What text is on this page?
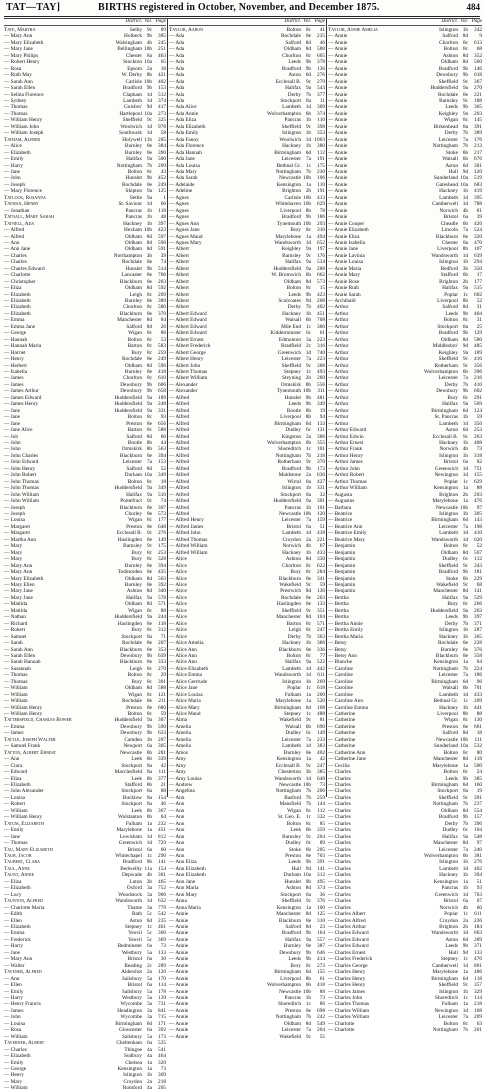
TAT—TAY]	BIRTHS registered in October, November, and December 1875.	484
District. Vol. Page
Tate, Martha	Selby 9c	89
— Mary Ann	Holbeck 9b	385
— Mary Elizabeth	Walsingham 4b	245
— Mary Jane	Bellingham 10b	251
— Mary Philips	Chester 8a	463
— Robert Henry	Stockton 10a	65
— Rosa	Epsom 2a	18
— Ruth May	W. Derby 8b	421
— Sarah Ann	Carlisle 10b	402
— Sarah Ellen	Bradford 9b	153
— Selina Florence	Clapham 1d	512
— Sydney	Lambeth 1d	374
— Thomas	Guisbro' 9d	417
— Thomas	Hartlepool 10a	273
— William Henry	Sheffield 9c	325
— William John	Woolwich 1d	978
— William Joseph	Southwark 1d	58
Tatham, Alfred	Holywell 11b	205
— Alice	Burnley 8e	384
— Elizabeth	Burnley 8e	390
— Emily	Halifax 9a	500
— Harry	Nottingham 7b	209
— Jane	Bolton 8c	43
— John	Hunslet 9b	452
— Joseph	Rochdale 8e	249
— Mary Florence	Skipton 9a	125
Tatlock, Rosanna	Settle 9a	1
Tatman, Henry	St. Saviour 1d	66
— Jonathan	Pancras 1b	118
Tatnall, Mary Sarah	Pancras 1b	48
Tatnell, Ada	Hackney 1b	397
— Alfred	Hexham 10b	423
— Alfred	Oldham 8d	597
— Ann	Oldham 8d	596
— Ann Jane	Oldham 8d	591
— Charles	Northampton 3b	39
— Charles	Rochdale 8e	74
— Charles Edward	Hunslet 9b	514
— Charlotte	Lancaster 8e	766
— Christopher	Blackburn 8e	263
— Eliza	Oldham 8d	592
— Elizabeth	Leigh 8c	269
— Elizabeth	Burnley 8e	389
— Elizabeth	Chorlton 8c	580
— Elizabeth	Blackburn 8e	370
— Emma	Manchester 8d	84
— Emma Jane	Salford 8d	26
— George	Wigan 8c	86
— Hannah	Bolton 8c	53
— Hannah Maria	Barton 8c	583
— Harriet	Bury 8c	259
— Henry	Rochdale 8e	249
— Herbert	Oldham 8d	596
— Isabella	Burnley 8e	418
— James	Chorlton 8c	610
— James	Dewsbury 9b	606
— James Arthur	Dewsbury 9b	658
— James Edward	Huddersfield 9a	189
— James Henry	Huddersfield 9a	248
— Jane	Huddersfield 9a	331
— Jane	Bolton 8c	93
— Jane	Preston 8e	656
— Jane Alice	Barton 8c	588
— Job	Salford 8d	60
— John	Bootle 8b	44
— John	Ormskirk 8b	563
— John Charles	Blackburn 8e	394
— John Edward	Leicester 7a	153
— John Henry	Salford 8d	52
— John Robert	Durham 10a	349
— John Thomas	Bolton 8c	18
— John Thomas	Huddersfield 9a	349
— John William	Halifax 9a	510
— John William	Pontefract 9c	74
— Joseph	Blackburn 8e	307
— Joseph	Chorley 8e	573
— Louisa	Wigan 8c	177
— Margaret	Preston 8e	648
— Margaret	Ecclesall B. 9c	276
— Martha Ann	Haslingden 8e	149
— Mary	Barnsley 9c	175
— Mary	Bury 8c	253
— Mary	Bury 8c	328
— Mary Ann	Burnley 8e	394
— Mary Ann	Todmorden 8e	435
— Mary Elizabeth	Oldham 8d	563
— Mary Ellen	Burnley 8e	392
— Mary Jane	Ashton 8d	340
— Mary Jane	Halifax 9a	578
— Matilda	Oldham 8d	571
— Matilda	Wigan 8c	88
— Nathan	Huddersfield 9a	244
— Richard	Haslingden 8e	118
— Robert	Bury 8c	312
— Samuel	Stockport 8a	71
— Sarah	Rochdale 8e	207
— Sarah Ann	Blackburn 8e	353
— Sarah Ellen	Dewsbury 9b	639
— Sarah Hannah	Blackburn 8e	333
— Susannah	Leigh 8c	270
— Thomas	Bolton 8c	29
— Thomas	Bury 8c	301
— William	Oldham 8d	588
— William	Wigan 8c	121
— William	Rochdale 8e	211
— William Henry	Preston 8e	680
— William Henry	Bolton 8c	59
Tattersfield, Charles Bower	Huddersfield 9a	307
— Emma	Dewsbury 9b	590
— James	Dewsbury 9b	633
Tattle, Joseph Walter	Camden 1b	207
— Samuel Frank	Newport 6a	305
Tatton, Albert Ernest	Newcastle 6b	281
— Ann	Leek 6b	339
— Clara	Stockport 8a	42
— Edward	Macclesfield 8a	111
— Eliza	Leek 6b	377
— Elizabeth	Stafford 6b	21
— John Alexander	Stockport 8a	88
— Louisa	Bucklow 8a	154
— Robert	Stockport 8a	46
— William	Leek 6b	367
— William Henry	Wolstanton 6b	64
Tatum, Elizabeth	Fulham 1a	232
— Emily	Marylebone 1a	451
— Jane	Lewisham 1d	812
— Thomas	Greenwich 1d	729
Tau, Mary Elizabeth	Bristol 6a	60
Taub, Jacob	Whitechapel 1c	290
Taubert, Clara	Bradford 9b	141
Taul, Anne	Bedwellty 11a	154
Taunt, Annie	Depwade 4b	301
— Eliza	Luton 3b	465
— Elizabeth	Oxford 3a	752
— Lucy	Woodstock 3a	906
Taunton, Alfred	Wandsworth 1d	632
— Charlotte Maria	Thame 3a	779
— Edith	Bath 5c	542
— Ellen	Aston 6d	235
— Elizabeth	Stepney 1c	461
— Emma	Yeovil 5c	360
— Frederick	Yeovil 5c	369
— Harry	Bedminster 6a	73
— Jane	Westbury 5a	133
— Mary Ann	Bristol 6a	30
— Walter	Reading 2c	289
Tavener, Alfred	Aldershot 2a	120
— Ann	Salisbury 5a	170
— Ellen	Bristol 6a	114
— Emily	Salisbury 5a	178
— Harry	Westbury 5a	139
— Henry Francis	Wycombe 3a	731
— James	Headington 3a	841
— John	Wycombe 3a	715
— Louisa	Birmingham 6d	171
— Rosa	Gloucester 6a	392
— William	Salisbury 5a	173
Taverner, Albert	Cheltenham 6a	535
— Charles	Thingoe 4a	541
— Elizabeth	Sudbury 4a	464
— Emily	Chelsea 1a	320
— George	Kensington 1a	73
— Henry	Islington 1b	369
— Mary	Croydon 2a	218
— William	Romford 4a	205
District. Vol. Page
Taylor, Aaron	Bolton 8c	41
— Ada	Rochdale 8e	235
— Ada	Salford 8d	46
— Ada	Oldham 8d	588
— Ada	Chorlton 8c	605
— Ada	Leeds 9b	378
— Ada	Bradford 9b	136
— Ada	Aston 6d	276
— Ada	Ecclesall B. 9c	279
— Ada	Halifax 9a	543
— Ada	Derby 7b	377
— Ada	Stockport 8a	11
— Ada Alice	Lambeth 1d	369
— Ada Annie	Wolverhampton 6b	374
— Ada Eliza	Pancras 1b	110
— Ada Elizabeth	Sheffield 9c	398
— Ada Emily	Islington 1b	353
— Ada Fanny	Woolwich 1d 1003
— Ada Florence	Hackney 1b	380
— Ada Hannah	Birmingham 6d	112
— Ada Jane	Leicester 7a	191
— Ada Louisa	Bethnal Gr. 1c	175
— Ada Mary	Nottingham 7b	230
— Ada Sarah	Newcastle 10b	106
— Adelaide	Kensington 1a	110
— Adeline	Brighton 2b	191
— Agnes	Carlisle 10b	413
— Agnes	Whitehaven 10b	629
— Agnes	Liverpool 8b	78
— Agnes	Bradford 9b	186
— Agnes Ann	Tynemouth 10b	293
— Agnes Jane	Bury 8c	310
— Agnes Maud	Marylebone 1a	494
— Agnes Mary	Wandsworth 1d	652
— Albert	Keighley 9a	197
— Albert	Barnsley 9c	176
— Albert	Halifax 9a	534
— Albert	Huddersfield 9a	288
— Albert	W. Bromwich 6b	662
— Albert	Oldham 8d	573
— Albert	Bolton 8c	15
— Albert	Leeds 9b	423
— Albert	Sculcoates 9d	268
— Albert	Derby 7b	402
— Albert Edward	Hackney 1b	451
— Albert Edward	Walsall 6b	708
— Albert Edward	Mile End 1c	380
— Albert Edward	Kidderminster 6c	61
— Albert Ernest	Edmonton 3a	223
— Albert Frederick	Bradfield 2c	316
— Albert George	Greenwich 1d	740
— Albert Henry	Leicester 7a	223
— Albert John	Sheffield 9c	388
— Albert Thomas	Stepney 1c	493
— Albert William	Steyning 2b	260
— Alexander	Ormskirk 8b	556
— Alexander	Tynemouth 10b	311
— Alfred	Hunslet 9b	481
— Alfred	Leeds 9b	349
— Alfred	Bootle 8b	19
— Alfred	Liverpool 8b	94
— Alfred	Birmingham 6d	133
— Alfred	Dudley 6c	131
— Alfred	Kingston 2a	386
— Alfred	Wolverhampton 6b	355
— Alfred	Shoreditch 1c	101
— Alfred	Nottingham 7b	218
— Alfred	Rotherham 9c	370
— Alfred	Bradford 9b	172
— Alfred	Maidstone 2a	636
— Alfred	Wirral 8a	427
— Alfred	Islington 1b	331
— Alfred	Stockport 8a	32
— Alfred	Huddersfield 9a	301
— Alfred	Pancras 1b	101
— Alfred	Newcastle 10b	120
— Alfred Henry	Leicester 7a	159
— Alfred James	Bristol 6a	51
— Alfred John	Lambeth 1d	418
— Alfred Thomas	Croydon 2a	221
— Alfred William	Norwich 4b	67
— Alfred William	Hackney 1b	433
— Alice	Ashton 8d	330
— Alice	Chorlton 8c	622
— Alice	Bury 8c	284
— Alice	Blackburn 8e	341
— Alice	Wakefield 9c	59
— Alice	Prestwich 8d	130
— Alice	Rochdale 8e	203
— Alice	Haslingden 8e	133
— Alice	Sheffield 9c	351
— Alice	Manchester 8d	104
— Alice	Barton 8c	571
— Alice	Leigh 8c	247
— Alice	Derby 7b	363
— Alice Amelia	Hackney 1b	386
— Alice Ann	Blackburn 8e	336
— Alice Ann	Bolton 8c	77
— Alice Ann	Halifax 9a	522
— Alice Elizabeth	Lambeth 1d	442
— Alice Emma	Wandsworth 1d	611
— Alice Gertrude	Islington 1b	269
— Alice Jane	Poplar 1c	618
— Alice Louisa	Fulham 1a	200
— Alice Maria	Marylebone 1a	520
— Alice Mary	Birmingham 6d	108
— Alice Maud	Stepney 1c	488
— Alma	Wakefield 9c	81
— Amelia	Walsall 6b	690
— Amelia	Dudley 6c	149
— Amelia	Leicester 7a	233
— Amelia	Lambeth 1d	383
— Amos	Burnley 8e	402
— Amy	Kensington 1a	42
— Amy	Ecclesall B. 9c	247
— Amy	Chesterton 3b	385
— Amy Louisa	Wandsworth 1d	648
— Andrew	Newcastle 10b	73
— Angelina	Nottingham 7b	206
— Ann	Basford 7b	259
— Ann	Mansfield 7b	144
— Ann	Wigan 8c	112
— Ann	St. Geo. E. 1c	332
— Ann	Bolton 8c	85
— Ann	Leek 6b	359
— Ann	Barnsley 9c	204
— Ann	Dudley 6c	89
— Ann	Stoke 6b	205
— Ann	Preston 8e	703
— Ann Eliza	Leeds 9b	391
— Ann Elizabeth	Hull 9d	141
— Ann Elizabeth	Durham 10a	312
— Ann Jane	Hunslet 9b	495
— Ann Maria	Ashton 8d	374
— Ann Mary	Stockport 8a	36
— Anna	Sheffield 9c	376
— Anna Maria	Kensington 1a	100
— Annie	Manchester 8d	125
— Annie	Blackburn 8e	310
— Annie	Salford 8d	23
— Annie	Bradford 9b	164
— Annie	Halifax 9a	557
— Annie	Burnley 8e	387
— Annie	Dewsbury 9b	646
— Annie	Leeds 9b	414
— Annie	Bury 8c	273
— Annie	Birmingham 6d	155
— Annie	Liverpool 8b	61
— Annie	Wolverhampton 6b	418
— Annie	Newcastle 10b	88
— Annie	Pancras 1b	73
— Annie	Shoreditch 1c	86
— Annie	Preston 8e	698
— Annie	Nottingham 7b	242
— Annie	Oldham 8d	549
— Annie	Leicester 7a	204
— Annie	Wakefield 9c	55
District. Vol. Page
Taylor, Annie Amelia	Islington 1b	342
— Annie	Salford 8d	9
— Annie	Chorlton 8c	613
— Annie	Bolton 8c	68
— Annie	Ashton 8d	352
— Annie	Oldham 8d	560
— Annie	Bradford 9b	146
— Annie	Dewsbury 9b	618
— Annie	Sheffield 9c	367
— Annie	Huddersfield 9a	270
— Annie	Rochdale 8e	221
— Annie	Barnsley 9c	188
— Annie	Leeds 9b	365
— Annie	Keighley 9a	203
— Annie	Wigan 8c	145
— Annie	Birkenhead 8a	391
— Annie	Derby 7b	389
— Annie	Leicester 7a	176
— Annie	Nottingham 7b	213
— Annie	Stoke 6b	217
— Annie	Walsall 6b	676
— Annie	Aston 6d	301
— Annie	Hull 9d	120
— Annie	Sunderland 10a	519
— Annie	Gateshead 10a	683
— Annie	Hackney 1b	419
— Annie	Lambeth 1d	395
— Annie	Camberwell 1d	788
— Annie	Norwich 4b	81
— Annie	Bristol 6a	39
— Annie Cooper	Cheadle 6b	426
— Annie Elizabeth	Lincoln 7a	524
— Annie Eliza	Blackburn 8e	320
— Annie Isabella	Chester 8a	470
— Annie Jane	Liverpool 8b	107
— Annie Lavinia	Wandsworth 1d	639
— Annie Louisa	Islington 1b	294
— Annie Maria	Bedford 3b	350
— Annie Mary	Stafford 6b	17
— Annie Rose	Brighton 2b	177
— Annie Ruth	Halifax 9a	515
— Annie Sarah	Poplar 1c	602
— Archibald	Liverpool 8b	52
— Arthur	Salford 8d	31
— Arthur	Leeds 9b	404
— Arthur	Bolton 8c	31
— Arthur	Stockport 8a	25
— Arthur	Bradford 9b	129
— Arthur	Oldham 8d	580
— Arthur	Middlesbro' 9d	485
— Arthur	Keighley 9a	189
— Arthur	Sheffield 9c	410
— Arthur	Rotherham 9c	356
— Arthur	Wolverhampton 6b	396
— Arthur	Leicester 7a	216
— Arthur	Derby 7b	410
— Arthur	Dewsbury 9b	602
— Arthur	Bury 8c	291
— Arthur	Halifax 9a	569
— Arthur	Birmingham 6d	124
— Arthur	St. Pancras 1b	59
— Arthur	Lambeth 1d	356
— Arthur Edward	Aston 6d	253
— Arthur Edwin	Ecclesall B. 9c	263
— Arthur Ernest	Hackney 1b	408
— Arthur Frank	Norwich 4b	73
— Arthur Henry	Islington 1b	318
— Arthur James	Bristol 6a	82
— Arthur John	Greenwich 1d	751
— Arthur Robert	Newington 1d	155
— Arthur Thomas	Poplar 1c	629
— Arthur William	Kensington 1a	88
— Augusta	Brighton 2b	203
— Augustus	Marylebone 1a	476
— Barbara	Newcastle 10b	97
— Beatrice	Islington 1b	305
— Beatrice	Birmingham 6d	143
— Beatrice Ann	Leicester 7a	198
— Beatrice Emily	Lambeth 1d	410
— Beatrice Mary	Wandsworth 1d	620
— Benjamin	Bolton 8c	52
— Benjamin	Oldham 8d	567
— Benjamin	Dudley 6c	112
— Benjamin	Sheffield 9c	343
— Benjamin	Bradford 9b	181
— Benjamin	Stoke 6b	229
— Benjamin	Wakefield 9c	68
— Benjamin	Manchester 8d	141
— Bertha	Halifax 9a	529
— Bertha	Bury 8c	266
— Bertha	Huddersfield 9a	263
— Bertha	Leeds 9b	397
— Bertha Annie	Derby 7b	371
— Bertha Emily	Islington 1b	287
— Bertha Maria	Hackney 1b	365
— Betsy	Rochdale 8e	228
— Betsy	Burnley 8e	376
— Betsy Ann	Blackburn 8e	358
— Blanche	Kensington 1a	64
— Caroline	Nottingham 7b	224
— Caroline	Leicester 7a	186
— Caroline	Birmingham 6d	96
— Caroline	Walsall 6b	701
— Caroline	Lambeth 1d	433
— Caroline Ann	Bethnal Gr. 1c	209
— Caroline Emma	Hackney 1b	441
— Catherine	Liverpool 8b	88
— Catherine	Wigan 8c	130
— Catherine	Preston 8e	661
— Catherine	Salford 8d	18
— Catherine	Newcastle 10b	111
— Catherine	Sunderland 10a	532
— Catherine Ann	Bolton 8c	80
— Catherine Jane	Manchester 8d	118
— Cecilia	Marylebone 1a	500
— Charles	Bolton 8c	24
— Charles	Leeds 9b	385
— Charles	Birmingham 6d	160
— Charles	Stockport 8a	19
— Charles	Sheffield 9c	391
— Charles	Nottingham 7b	237
— Charles	Oldham 8d	554
— Charles	Bradford 9b	157
— Charles	Derby 7b	396
— Charles	Dudley 6c	104
— Charles	Halifax 9a	548
— Charles	Manchester 8d	97
— Charles	Leicester 7a	240
— Charles	Wolverhampton 6b	381
— Charles	Islington 1b	276
— Charles	Lambeth 1d	402
— Charles	Hackney 1b	394
— Charles	Kensington 1a	51
— Charles	Pancras 1b	93
— Charles	Greenwich 1d	763
— Charles	Bristol 6a	67
— Charles	Norwich 4b	60
— Charles Albert	Poplar 1c	611
— Charles Alfred	Croydon 2a	236
— Charles Arthur	Brighton 2b	184
— Charles Edward	Wandsworth 1d	663
— Charles Edward	Aston 6d	289
— Charles Edward	Leeds 9b	371
— Charles Ernest	Hull 9d	133
— Charles Frederick	Stepney 1c	470
— Charles George	Camberwell 1d	801
— Charles Henry	Marylebone 1a	486
— Charles Henry	Birmingham 6d	118
— Charles Henry	Sheffield 9c	357
— Charles James	Islington 1b	329
— Charles John	Shoreditch 1c	114
— Charles Thomas	Fulham 1a	218
— Charles William	Newington 1d	168
— Charles William	Leicester 7a	209
— Charlotte	Bolton 8c	63
— Charlotte	Nottingham 7b	201
